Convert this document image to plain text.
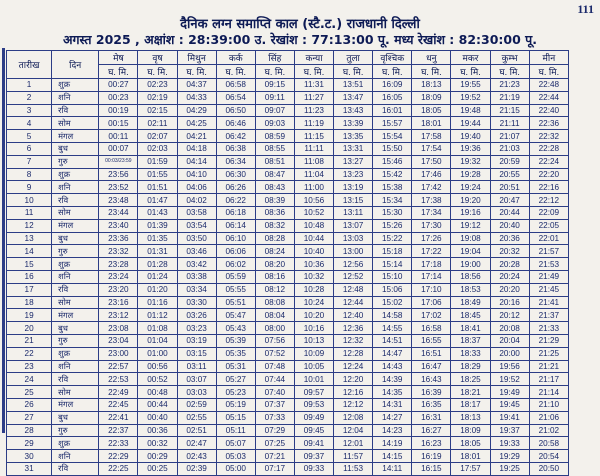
111
दैनिक लग्न समाप्ति काल (स्टै.ट.) राजधानी दिल्ली
अगस्त 2025 , अक्षांश : 28:39:00 उ. रेखांश : 77:13:00 पू. मध्य रेखांश : 82:30:00 पू.
तारीख	दिन	मेष	वृष	मिथुन	कर्क	सिंह	कन्या	तुला	वृश्चिक	धनु	मकर	कुम्भ	मीन
		घ. मि.	घ. मि.	घ. मि.	घ. मि.	घ. मि.	घ. मि.	घ. मि.	घ. मि.	घ. मि.	घ. मि.	घ. मि.	घ. मि.
1	शुक्र	00:27	02:23	04:37	06:58	09:15	11:31	13:51	16:09	18:13	19:55	21:23	22:48
2	शनि	00:23	02:19	04:33	06:54	09:11	11:27	13:47	16:05	18:09	19:52	21:19	22:44
3	रवि	00:19	02:15	04:29	06:50	09:07	11:23	13:43	16:01	18:05	19:48	21:15	22:40
4	सोम	00:15	02:11	04:25	06:46	09:03	11:19	13:39	15:57	18:01	19:44	21:11	22:36
5	मंगल	00:11	02:07	04:21	06:42	08:59	11:15	13:35	15:54	17:58	19:40	21:07	22:32
6	बुध	00:07	02:03	04:18	06:38	08:55	11:11	13:31	15:50	17:54	19:36	21:03	22:28
7	गुरु	00:03/23:59	01:59	04:14	06:34	08:51	11:08	13:27	15:46	17:50	19:32	20:59	22:24
8	शुक्र	23:56	01:55	04:10	06:30	08:47	11:04	13:23	15:42	17:46	19:28	20:55	22:20
9	शनि	23:52	01:51	04:06	06:26	08:43	11:00	13:19	15:38	17:42	19:24	20:51	22:16
10	रवि	23:48	01:47	04:02	06:22	08:39	10:56	13:15	15:34	17:38	19:20	20:47	22:12
11	सोम	23:44	01:43	03:58	06:18	08:36	10:52	13:11	15:30	17:34	19:16	20:44	22:09
12	मंगल	23:40	01:39	03:54	06:14	08:32	10:48	13:07	15:26	17:30	19:12	20:40	22:05
13	बुध	23:36	01:35	03:50	06:10	08:28	10:44	13:03	15:22	17:26	19:08	20:36	22:01
14	गुरु	23:32	01:31	03:46	06:06	08:24	10:40	13:00	15:18	17:22	19:04	20:32	21:57
15	शुक्र	23:28	01:28	03:42	06:02	08:20	10:36	12:56	15:14	17:18	19:00	20:28	21:53
16	शनि	23:24	01:24	03:38	05:59	08:16	10:32	12:52	15:10	17:14	18:56	20:24	21:49
17	रवि	23:20	01:20	03:34	05:55	08:12	10:28	12:48	15:06	17:10	18:53	20:20	21:45
18	सोम	23:16	01:16	03:30	05:51	08:08	10:24	12:44	15:02	17:06	18:49	20:16	21:41
19	मंगल	23:12	01:12	03:26	05:47	08:04	10:20	12:40	14:58	17:02	18:45	20:12	21:37
20	बुध	23:08	01:08	03:23	05:43	08:00	10:16	12:36	14:55	16:58	18:41	20:08	21:33
21	गुरु	23:04	01:04	03:19	05:39	07:56	10:13	12:32	14:51	16:55	18:37	20:04	21:29
22	शुक्र	23:00	01:00	03:15	05:35	07:52	10:09	12:28	14:47	16:51	18:33	20:00	21:25
23	शनि	22:57	00:56	03:11	05:31	07:48	10:05	12:24	14:43	16:47	18:29	19:56	21:21
24	रवि	22:53	00:52	03:07	05:27	07:44	10:01	12:20	14:39	16:43	18:25	19:52	21:17
25	सोम	22:49	00:48	03:03	05:23	07:40	09:57	12:16	14:35	16:39	18:21	19:49	21:14
26	मंगल	22:45	00:44	02:59	05:19	07:37	09:53	12:12	14:31	16:35	18:17	19:45	21:10
27	बुध	22:41	00:40	02:55	05:15	07:33	09:49	12:08	14:27	16:31	18:13	19:41	21:06
28	गुरु	22:37	00:36	02:51	05:11	07:29	09:45	12:04	14:23	16:27	18:09	19:37	21:02
29	शुक्र	22:33	00:32	02:47	05:07	07:25	09:41	12:01	14:19	16:23	18:05	19:33	20:58
30	शनि	22:29	00:29	02:43	05:03	07:21	09:37	11:57	14:15	16:19	18:01	19:29	20:54
31	रवि	22:25	00:25	02:39	05:00	07:17	09:33	11:53	14:11	16:15	17:57	19:25	20:50
